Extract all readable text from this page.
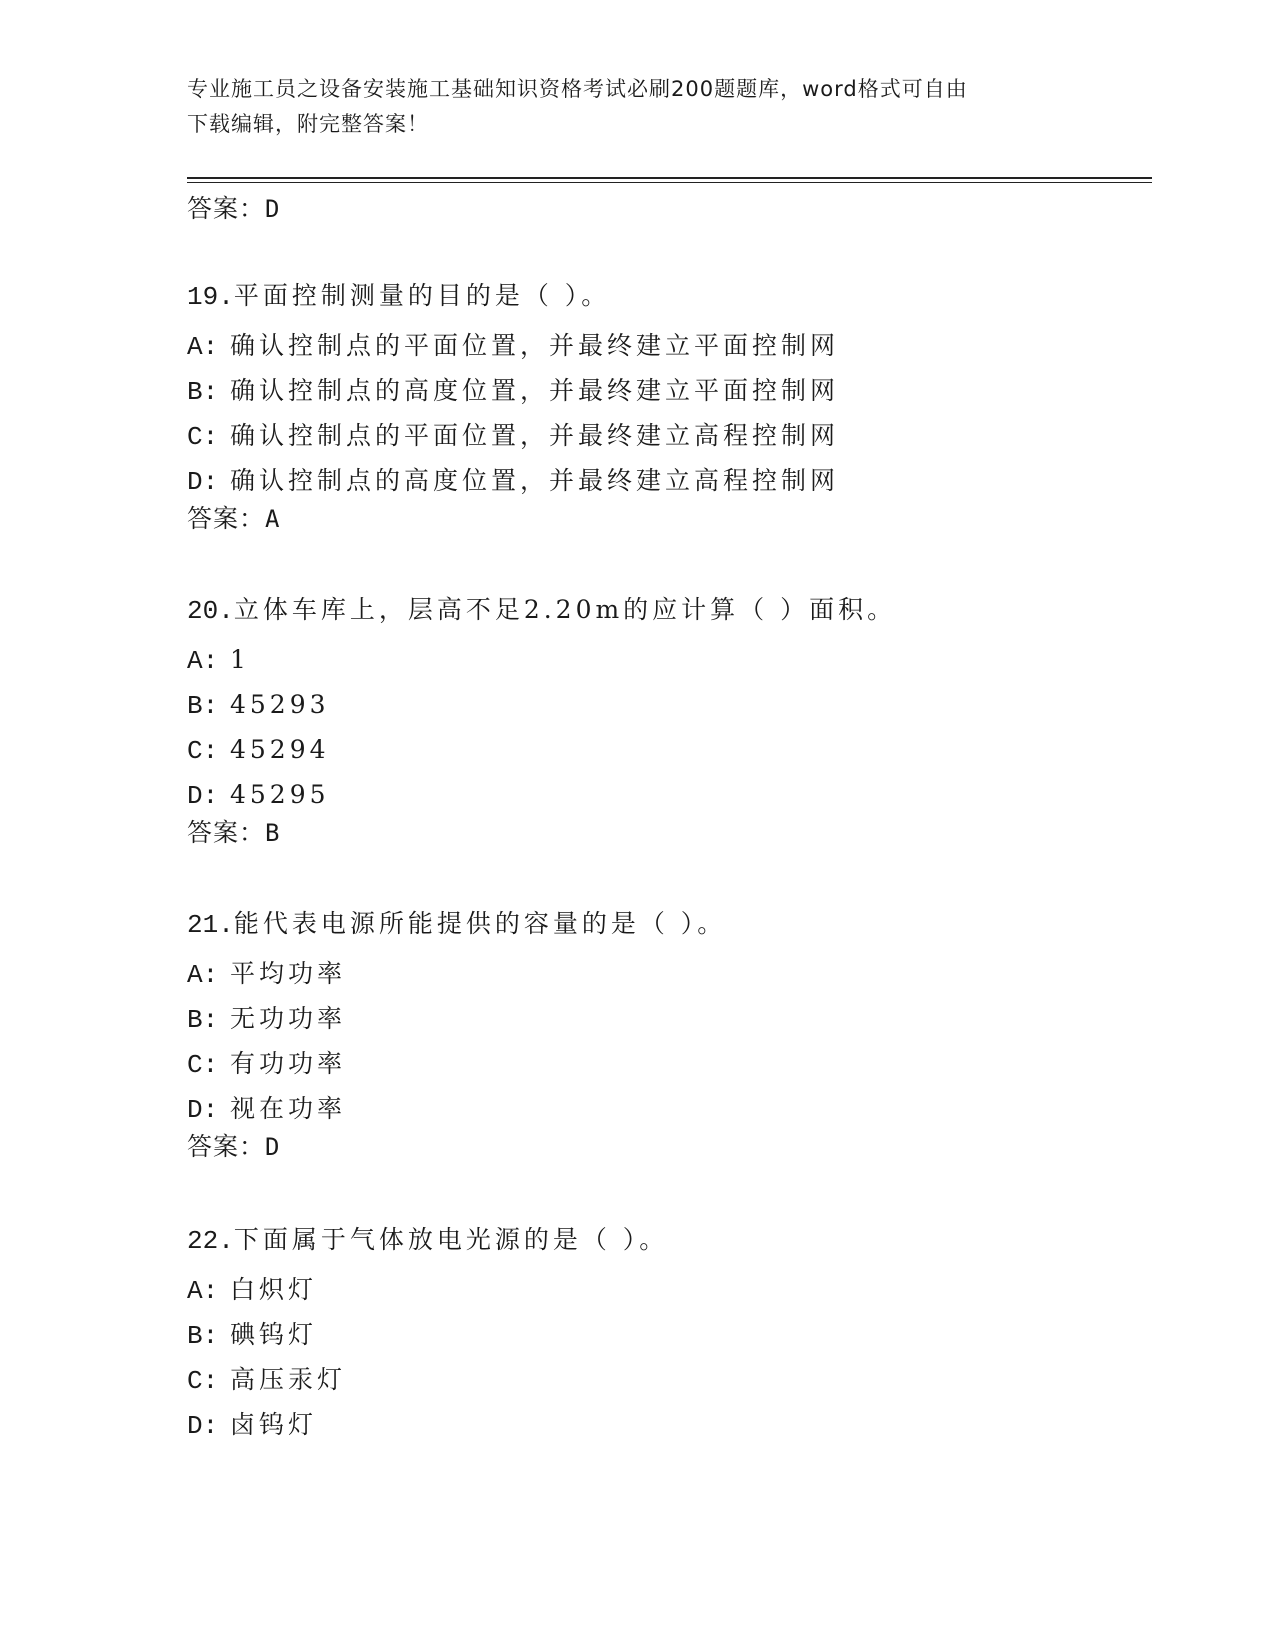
专业施工员之设备安装施工基础知识资格考试必刷200题题库，word格式可自由
下载编辑，附完整答案！
答案：D
19.平面控制测量的目的是（ ）。
A: 确认控制点的平面位置，并最终建立平面控制网
B: 确认控制点的高度位置，并最终建立平面控制网
C: 确认控制点的平面位置，并最终建立高程控制网
D: 确认控制点的高度位置，并最终建立高程控制网
答案：A
20.立体车库上，层高不足2.20m的应计算（ ）面积。
A: 1
B: 45293
C: 45294
D: 45295
答案：B
21.能代表电源所能提供的容量的是（ ）。
A: 平均功率
B: 无功功率
C: 有功功率
D: 视在功率
答案：D
22.下面属于气体放电光源的是（ ）。
A: 白炽灯
B: 碘钨灯
C: 高压汞灯
D: 卤钨灯
